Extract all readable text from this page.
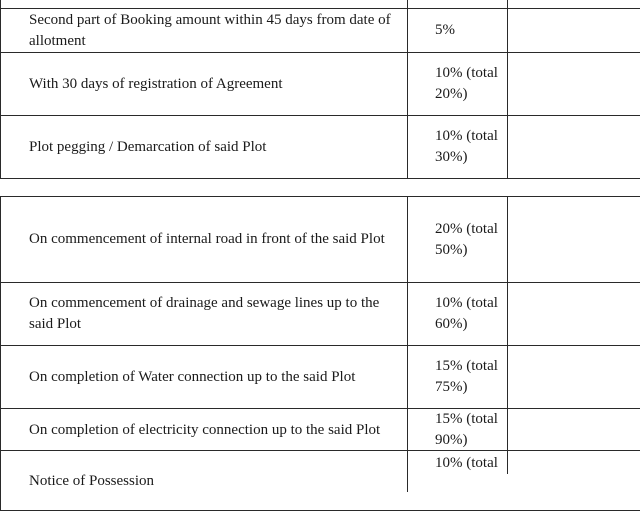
Second part of Booking amount within 45 days from date of allotment
5%
With 30 days of registration of Agreement
10% (total 20%)
Plot pegging / Demarcation of said Plot
10% (total 30%)
On commencement of internal road in front of the said Plot
20% (total 50%)
On commencement of drainage and sewage lines up to the said Plot
10% (total 60%)
On completion of Water connection up to the said Plot
15% (total 75%)
On completion of electricity connection up to the said Plot
15% (total 90%)
Notice of Possession
10% (total
